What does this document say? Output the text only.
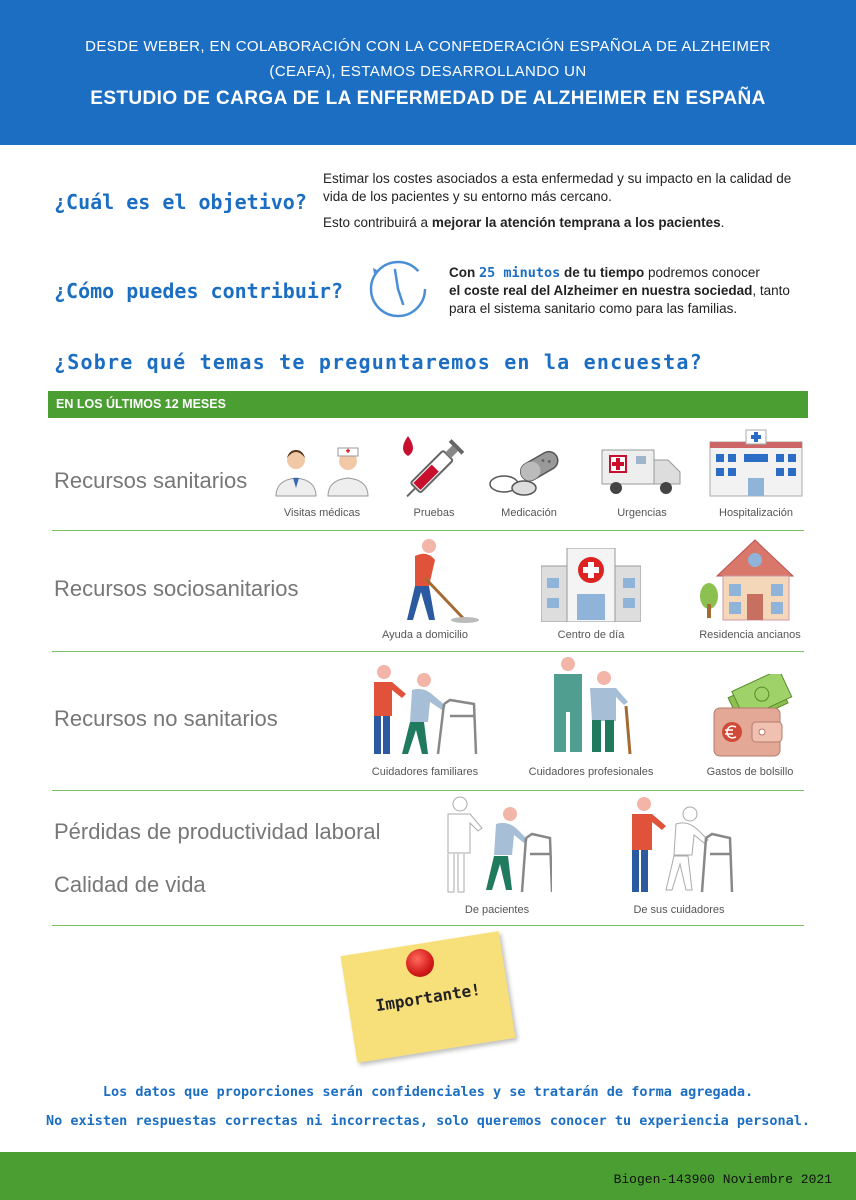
DESDE WEBER, EN COLABORACIÓN CON LA CONFEDERACIÓN ESPAÑOLA DE ALZHEIMER
(CEAFA), ESTAMOS DESARROLLANDO UN
ESTUDIO DE CARGA DE LA ENFERMEDAD DE ALZHEIMER EN ESPAÑA
¿Cuál es el objetivo?

Estimar los costes asociados a esta enfermedad y su impacto en la calidad de vida de los pacientes y su entorno más cercano.

Esto contribuirá a mejorar la atención temprana a los pacientes.

¿Cómo puedes contribuir?
Con 25 minutos de tu tiempo podremos conocer
el coste real del Alzheimer en nuestra sociedad, tanto
para el sistema sanitario como para las familias.
¿Sobre qué temas te preguntaremos en la encuesta?
EN LOS ÚLTIMOS 12 MESES
Recursos sanitarios
Visitas médicas	Pruebas	Medicación	Urgencias	Hospitalización
Recursos sociosanitarios
Ayuda a domicilio	Centro de día	Residencia ancianos
Recursos no sanitarios
Cuidadores familiares	Cuidadores profesionales	Gastos de bolsillo
Pérdidas de productividad laboral
Calidad de vida
De pacientes	De sus cuidadores
Importante!
Los datos que proporciones serán confidenciales y se tratarán de forma agregada.
No existen respuestas correctas ni incorrectas, solo queremos conocer tu experiencia personal.
Biogen-143900 Noviembre 2021
